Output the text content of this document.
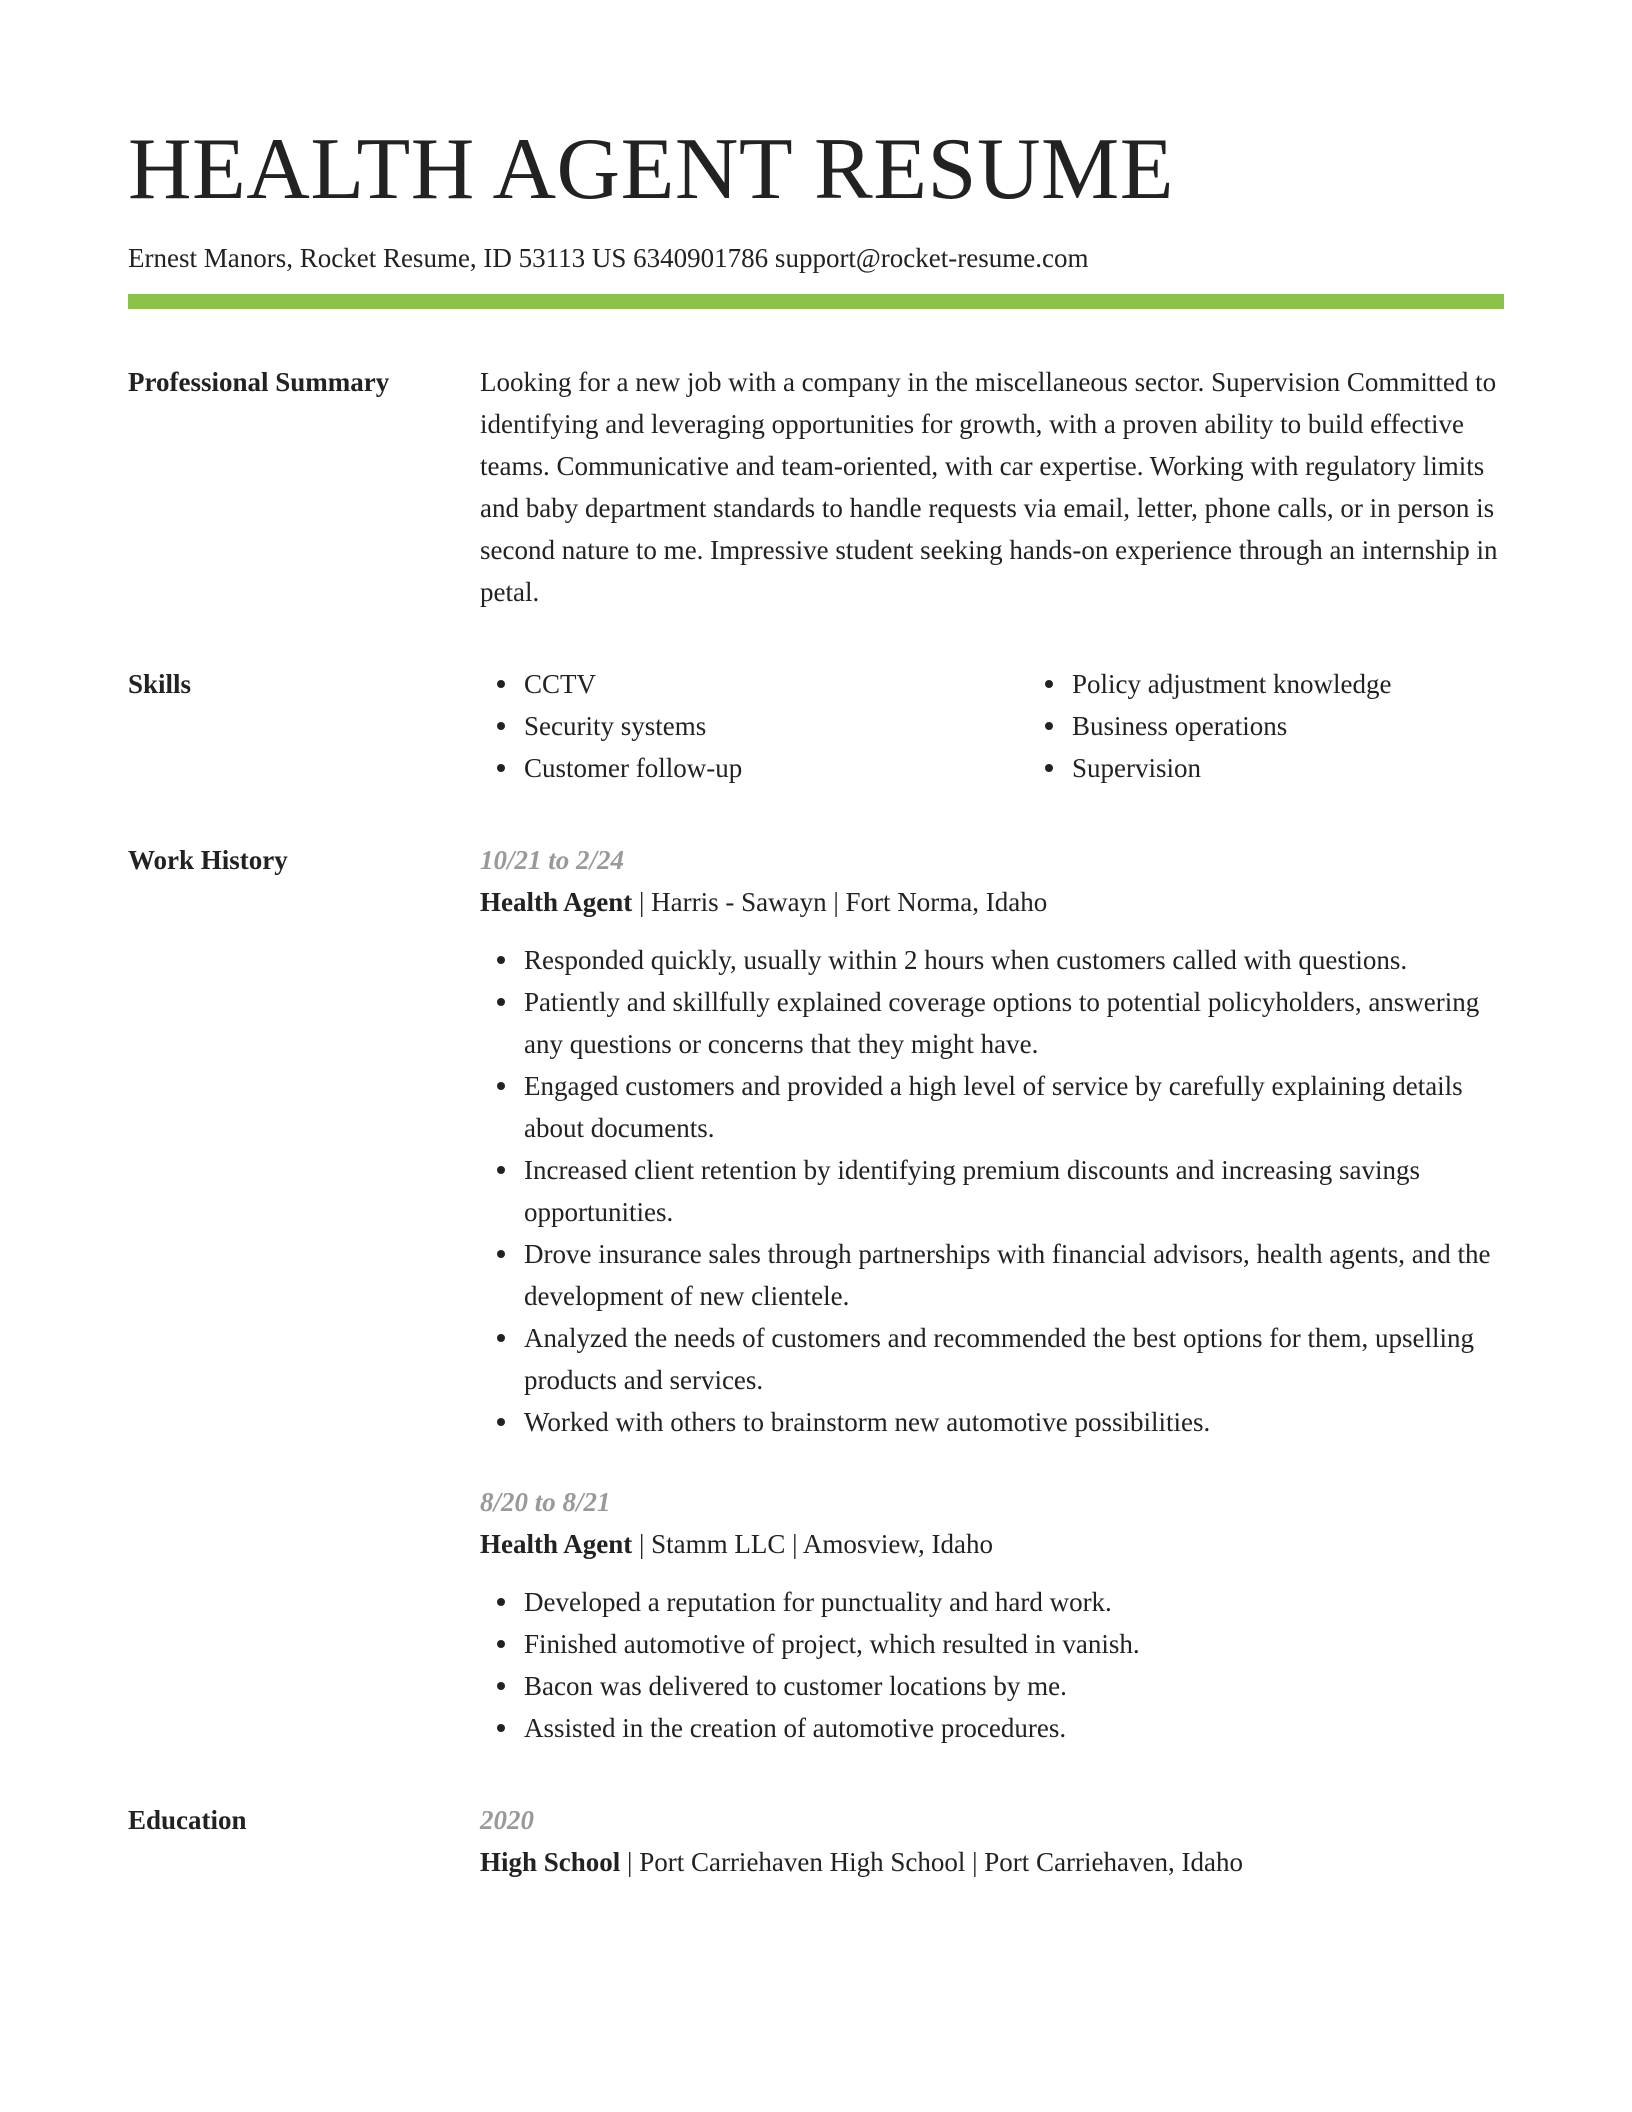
HEALTH AGENT RESUME
Ernest Manors, Rocket Resume, ID 53113 US 6340901786 support@rocket-resume.com
Professional Summary	Looking for a new job with a company in the miscellaneous sector. Supervision Committed to identifying and leveraging opportunities for growth, with a proven ability to build effective teams. Communicative and team-oriented, with car expertise. Working with regulatory limits and baby department standards to handle requests via email, letter, phone calls, or in person is second nature to me. Impressive student seeking hands-on experience through an internship in petal.

Skills	CCTV
Security systems
Customer follow-up
Policy adjustment knowledge
Business operations
Supervision
Work History	10/21 to 2/24
Health Agent | Harris - Sawayn | Fort Norma, Idaho
Responded quickly, usually within 2 hours when customers called with questions.
Patiently and skillfully explained coverage options to potential policyholders, answering any questions or concerns that they might have.
Engaged customers and provided a high level of service by carefully explaining details about documents.
Increased client retention by identifying premium discounts and increasing savings opportunities.
Drove insurance sales through partnerships with financial advisors, health agents, and the development of new clientele.
Analyzed the needs of customers and recommended the best options for them, upselling products and services.
Worked with others to brainstorm new automotive possibilities.
8/20 to 8/21
Health Agent | Stamm LLC | Amosview, Idaho
Developed a reputation for punctuality and hard work.
Finished automotive of project, which resulted in vanish.
Bacon was delivered to customer locations by me.
Assisted in the creation of automotive procedures.
Education	2020
High School | Port Carriehaven High School | Port Carriehaven, Idaho
